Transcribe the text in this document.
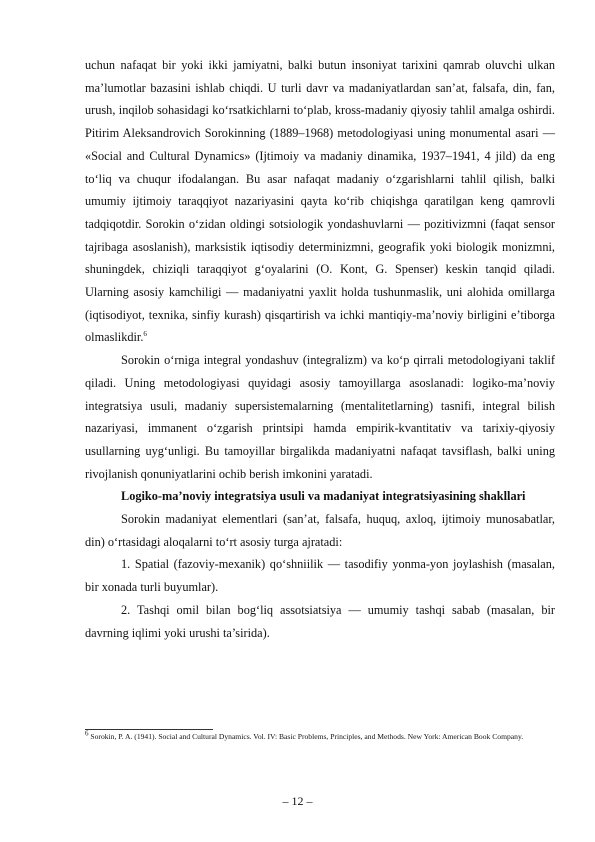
uchun nafaqat bir yoki ikki jamiyatni, balki butun insoniyat tarixini qamrab oluvchi ulkan ma’lumotlar bazasini ishlab chiqdi. U turli davr va madaniyatlardan san’at, falsafa, din, fan, urush, inqilob sohasidagi ko‘rsatkichlarni to‘plab, kross-madaniy qiyosiy tahlil amalga oshirdi. Pitirim Aleksandrovich Sorokinning (1889–1968) metodologiyasi uning monumental asari — «Social and Cultural Dynamics» (Ijtimoiy va madaniy dinamika, 1937–1941, 4 jild) da eng to‘liq va chuqur ifodalangan. Bu asar nafaqat madaniy o‘zgarishlarni tahlil qilish, balki umumiy ijtimoiy taraqqiyot nazariyasini qayta ko‘rib chiqishga qaratilgan keng qamrovli tadqiqotdir. Sorokin o‘zidan oldingi sotsiologik yondashuvlarni — pozitivizmni (faqat sensor tajribaga asoslanish), marksistik iqtisodiy determinizmni, geografik yoki biologik monizmni, shuningdek, chiziqli taraqqiyot g‘oyalarini (O. Kont, G. Spenser) keskin tanqid qiladi. Ularning asosiy kamchiligi — madaniyatni yaxlit holda tushunmaslik, uni alohida omillarga (iqtisodiyot, texnika, sinfiy kurash) qisqartirish va ichki mantiqiy-ma’noviy birligini e’tiborga olmaslikdir.$^6$

Sorokin o‘rniga integral yondashuv (integralizm) va ko‘p qirrali metodologiyani taklif qiladi. Uning metodologiyasi quyidagi asosiy tamoyillarga asoslanadi: logiko-ma’noviy integratsiya usuli, madaniy supersistemalarning (mentalitetlarning) tasnifi, integral bilish nazariyasi, immanent o‘zgarish printsipi hamda empirik-kvantitativ va tarixiy-qiyosiy usullarning uyg‘unligi. Bu tamoyillar birgalikda madaniyatni nafaqat tavsiflash, balki uning rivojlanish qonuniyatlarini ochib berish imkonini yaratadi.

Logiko-ma’noviy integratsiya usuli va madaniyat integratsiyasining shakllari

Sorokin madaniyat elementlari (san’at, falsafa, huquq, axloq, ijtimoiy munosabatlar, din) o‘rtasidagi aloqalarni to‘rt asosiy turga ajratadi:

1. Spatial (fazoviy-mexanik) qo‘shniilik — tasodifiy yonma-yon joylashish (masalan, bir xonada turli buyumlar).

2. Tashqi omil bilan bog‘liq assotsiatsiya — umumiy tashqi sabab (masalan, bir davrning iqlimi yoki urushi ta’sirida).

$^6$ Sorokin, P. A. (1941). Social and Cultural Dynamics. Vol. IV: Basic Problems, Principles, and Methods. New York: American Book Company.
– 12 –
